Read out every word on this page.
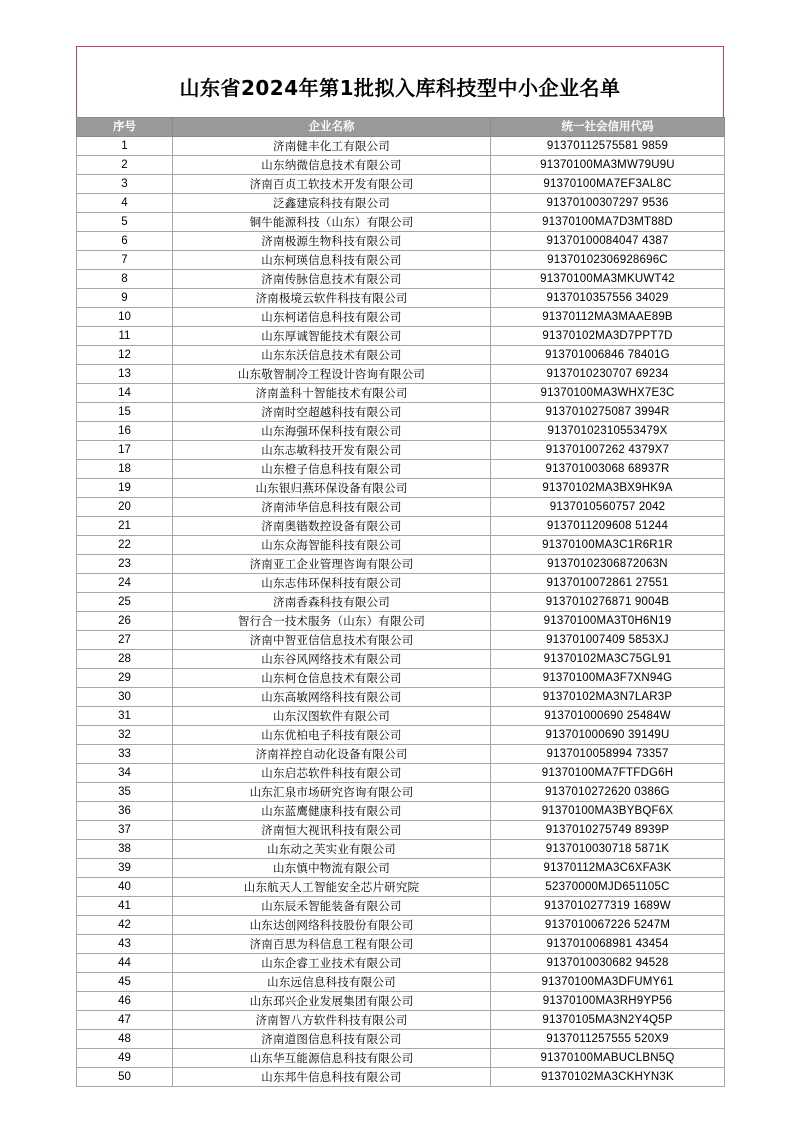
山东省2024年第1批拟入库科技型中小企业名单
序号	企业名称	统一社会信用代码
1	济南健丰化工有限公司	91370112575581 9859
2	山东纳微信息技术有限公司	91370100MA3MW79U9U
3	济南百贞工软技术开发有限公司	91370100MA7EF3AL8C
4	泛鑫建宸科技有限公司	91370100307297 9536
5	铜牛能源科技（山东）有限公司	91370100MA7D3MT88D
6	济南极源生物科技有限公司	91370100084047 4387
7	山东柯瑛信息科技有限公司	91370102306928696C
8	济南传脉信息技术有限公司	91370100MA3MKUWT42
9	济南极境云软件科技有限公司	9137010357556 34029
10	山东柯诺信息科技有限公司	91370112MA3MAAE89B
11	山东厚诚智能技术有限公司	91370102MA3D7PPT7D
12	山东东沃信息技术有限公司	913701006846 78401G
13	山东敬智制冷工程设计咨询有限公司	9137010230707 69234
14	济南盖科十智能技术有限公司	91370100MA3WHX7E3C
15	济南时空超越科技有限公司	9137010275087 3994R
16	山东海强环保科技有限公司	91370102310553479X
17	山东志敏科技开发有限公司	913701007262 4379X7
18	山东橙子信息科技有限公司	913701003068 68937R
19	山东银归燕环保设备有限公司	91370102MA3BX9HK9A
20	济南沛华信息科技有限公司	9137010560757 2042
21	济南奥锴数控设备有限公司	9137011209608 51244
22	山东众海智能科技有限公司	91370100MA3C1R6R1R
23	济南亚工企业管理咨询有限公司	91370102306872063N
24	山东志伟环保科技有限公司	9137010072861 27551
25	济南香森科技有限公司	9137010276871 9004B
26	智行合一技术服务（山东）有限公司	91370100MA3T0H6N19
27	济南中智亚信信息技术有限公司	913701007409 5853XJ
28	山东谷风网络技术有限公司	91370102MA3C75GL91
29	山东柯仓信息技术有限公司	91370100MA3F7XN94G
30	山东高敏网络科技有限公司	91370102MA3N7LAR3P
31	山东汉图软件有限公司	913701000690 25484W
32	山东优柏电子科技有限公司	913701000690 39149U
33	济南祥控自动化设备有限公司	9137010058994 73357
34	山东启芯软件科技有限公司	91370100MA7FTFDG6H
35	山东汇泉市场研究咨询有限公司	9137010272620 0386G
36	山东蓝鹰健康科技有限公司	91370100MA3BYBQF6X
37	济南恒大视讯科技有限公司	9137010275749 8939P
38	山东动之芙实业有限公司	9137010030718 5871K
39	山东慎中物流有限公司	91370112MA3C6XFA3K
40	山东航天人工智能安全芯片研究院	52370000MJD651105C
41	山东辰禾智能装备有限公司	9137010277319 1689W
42	山东达创网络科技股份有限公司	9137010067226 5247M
43	济南百思为科信息工程有限公司	9137010068981 43454
44	山东企睿工业技术有限公司	9137010030682 94528
45	山东远信息科技有限公司	91370100MA3DFUMY61
46	山东邳兴企业发展集团有限公司	91370100MA3RH9YP56
47	济南智八方软件科技有限公司	91370105MA3N2Y4Q5P
48	济南道图信息科技有限公司	9137011257555 520X9
49	山东华互能源信息科技有限公司	91370100MABUCLBN5Q
50	山东邦牛信息科技有限公司	91370102MA3CKHYN3K
